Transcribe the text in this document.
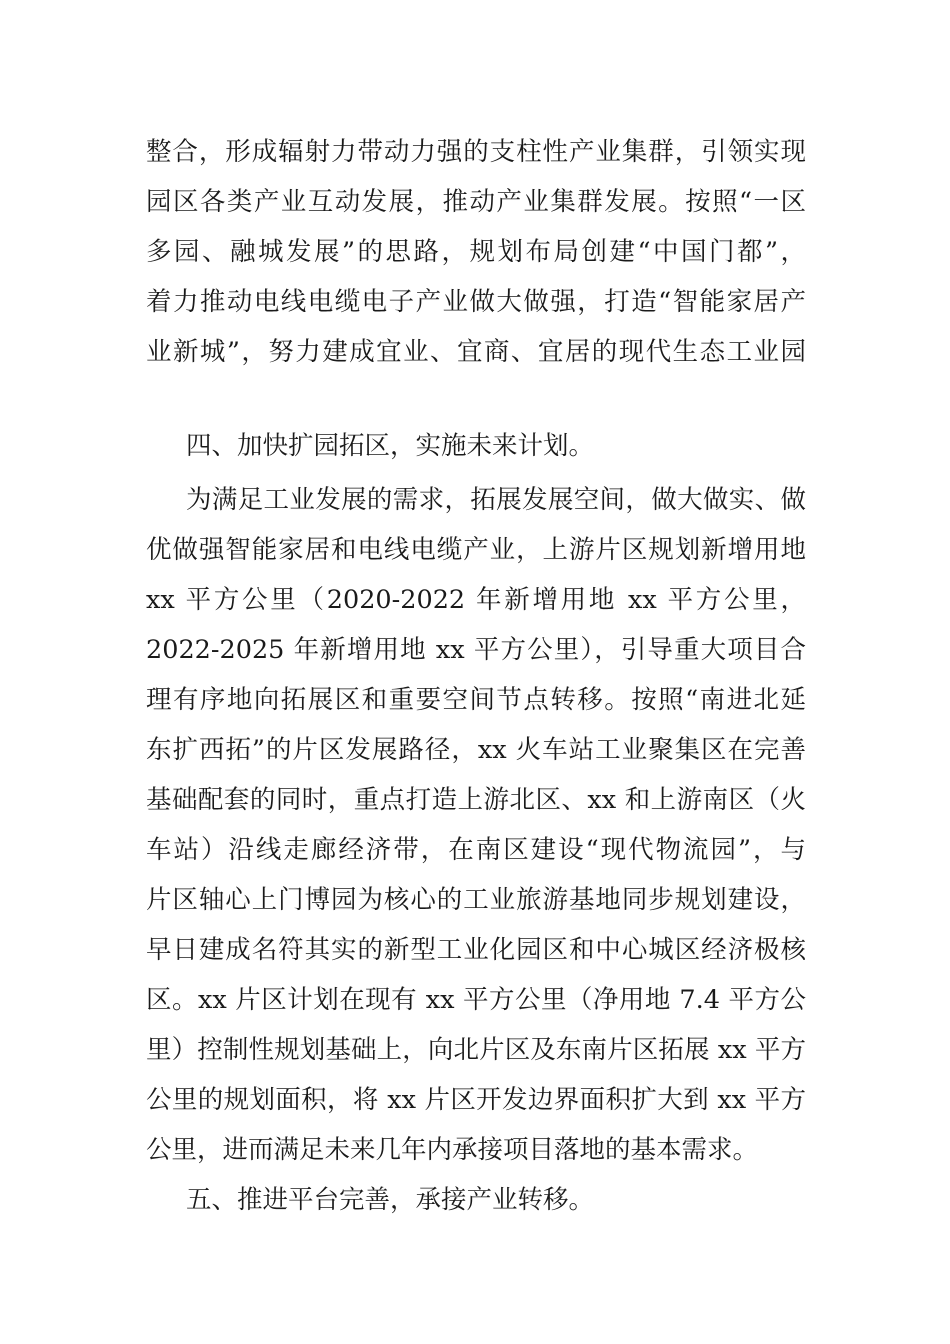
整合，形成辐射力带动力强的支柱性产业集群，引领实现
园区各类产业互动发展，推动产业集群发展。按照“一区
多园、融城发展”的思路，规划布局创建“中国门都”，
着力推动电线电缆电子产业做大做强，打造“智能家居产
业新城”，努力建成宜业、宜商、宜居的现代生态工业园
四、加快扩园拓区，实施未来计划。
为满足工业发展的需求，拓展发展空间，做大做实、做
优做强智能家居和电线电缆产业，上游片区规划新增用地
xx 平方公里（2020-2022 年新增用地 xx 平方公里，
2022-2025 年新增用地 xx 平方公里），引导重大项目合
理有序地向拓展区和重要空间节点转移。按照“南进北延
东扩西拓”的片区发展路径，xx 火车站工业聚集区在完善
基础配套的同时，重点打造上游北区、xx 和上游南区（火
车站）沿线走廊经济带，在南区建设“现代物流园”，与
片区轴心上门博园为核心的工业旅游基地同步规划建设，
早日建成名符其实的新型工业化园区和中心城区经济极核
区。xx 片区计划在现有 xx 平方公里（净用地 7.4 平方公
里）控制性规划基础上，向北片区及东南片区拓展 xx 平方
公里的规划面积，将 xx 片区开发边界面积扩大到 xx 平方
公里，进而满足未来几年内承接项目落地的基本需求。
五、推进平台完善，承接产业转移。
